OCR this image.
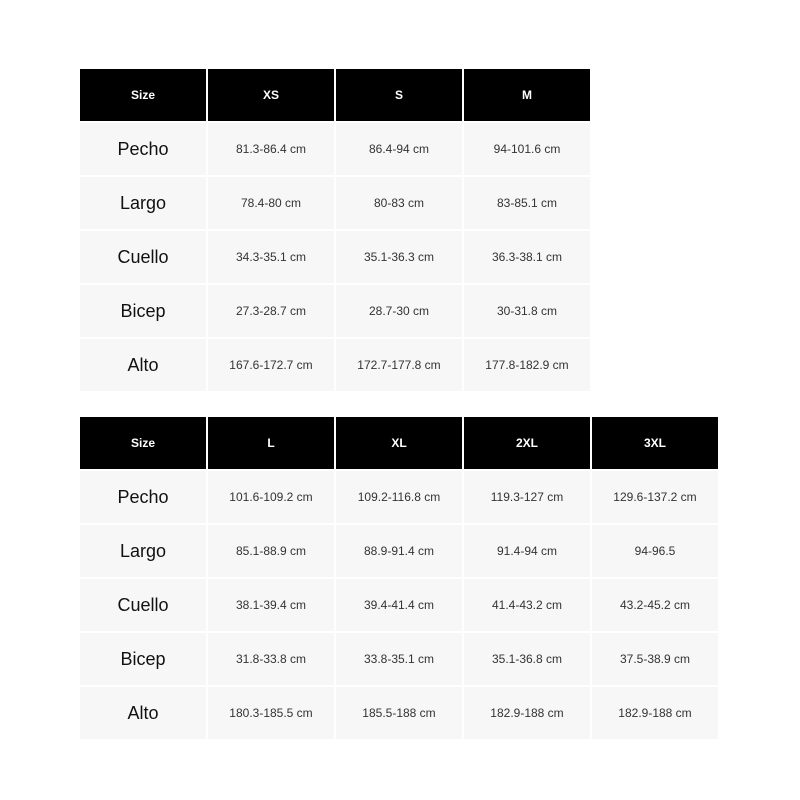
Size	XS	S	M
Pecho	81.3-86.4 cm	86.4-94 cm	94-101.6 cm
Largo	78.4-80 cm	80-83 cm	83-85.1 cm
Cuello	34.3-35.1 cm	35.1-36.3 cm	36.3-38.1 cm
Bicep	27.3-28.7 cm	28.7-30 cm	30-31.8 cm
Alto	167.6-172.7 cm	172.7-177.8 cm	177.8-182.9 cm
Size	L	XL	2XL	3XL
Pecho	101.6-109.2 cm	109.2-116.8 cm	119.3-127 cm	129.6-137.2 cm
Largo	85.1-88.9 cm	88.9-91.4 cm	91.4-94 cm	94-96.5
Cuello	38.1-39.4 cm	39.4-41.4 cm	41.4-43.2 cm	43.2-45.2 cm
Bicep	31.8-33.8 cm	33.8-35.1 cm	35.1-36.8 cm	37.5-38.9 cm
Alto	180.3-185.5 cm	185.5-188 cm	182.9-188 cm	182.9-188 cm
